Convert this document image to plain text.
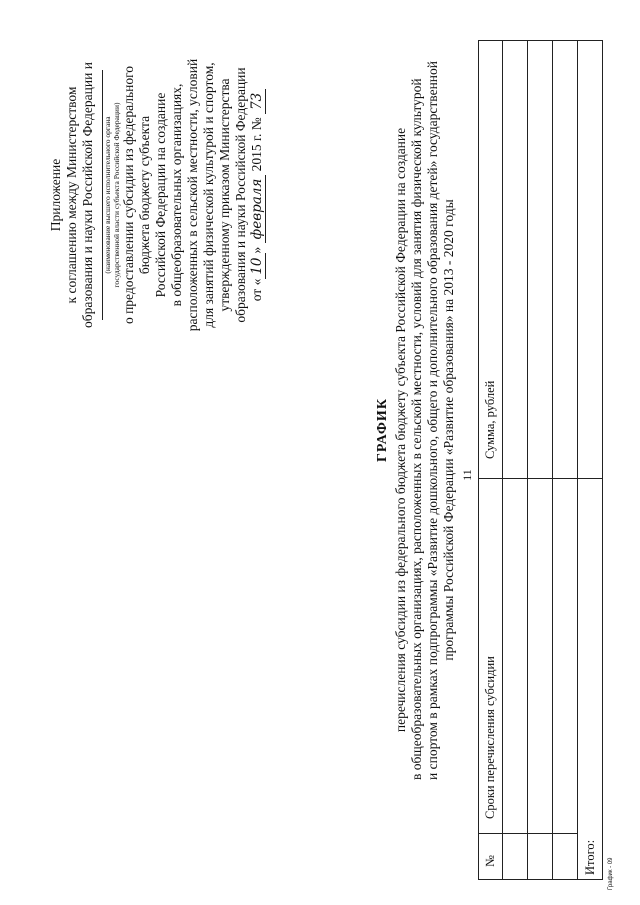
11
Приложение к соглашению между Министерством образования и науки Российской Федерации и (наименование высшего исполнительного органа государственной власти субъекта Российской Федерации) о предоставлении субсидии из федерального бюджета бюджету субъекта Российской Федерации на создание в общеобразовательных организациях, расположенных в сельской местности, условий для занятий физической культурой и спортом, утвержденному приказом Министерства образования и науки Российской Федерации от «10» февраля 2015 г. № 73
ГРАФИК перечисления субсидии из федерального бюджета бюджету субъекта Российской Федерации на создание в общеобразовательных организациях, расположенных в сельской местности, условий для занятия физической культурой и спортом в рамках подпрограммы «Развитие дошкольного, общего и дополнительного образования детей» государственной программы Российской Федерации «Развитие образования» на 2013 - 2020 годы
№
Сроки перечисления субсидии
Сумма, рублей
Итого: График - 09
